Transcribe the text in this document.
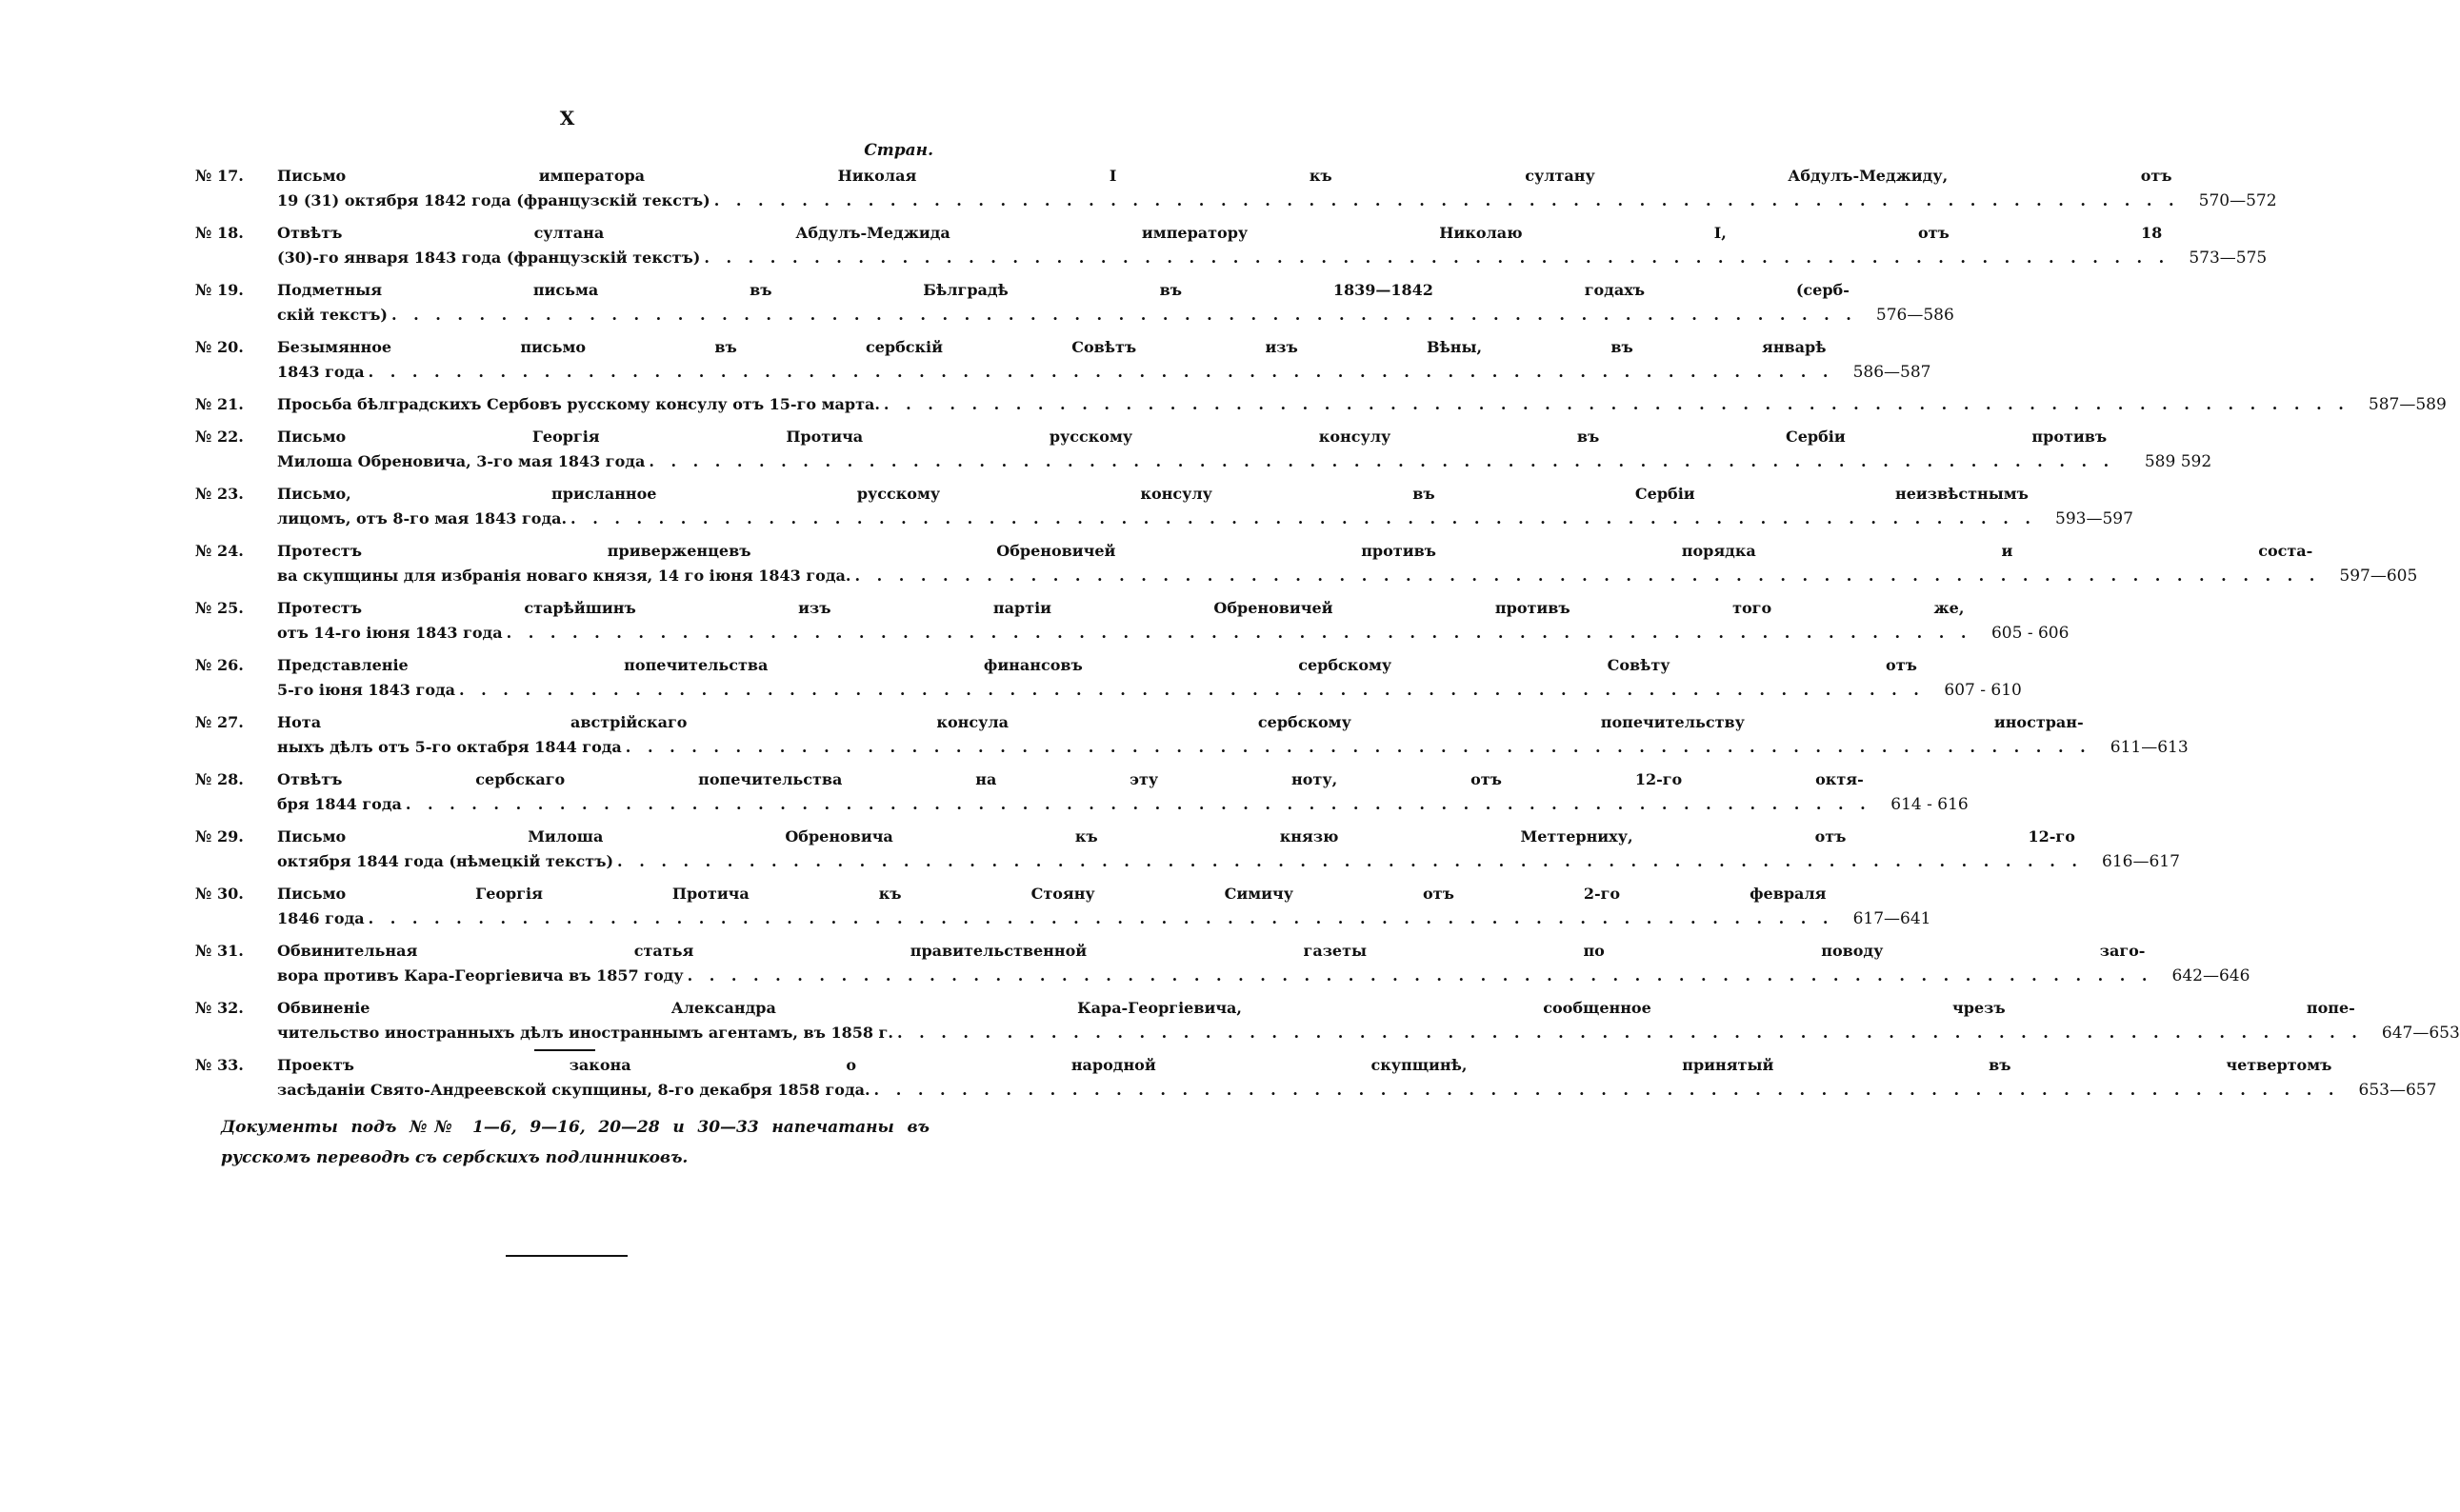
X
Стран.
№ 17.	Письмо императора Николая I къ султану Абдулъ-Меджиду, отъ
19 (31) октября 1842 года (французскій текстъ) . . .	570—572
№ 18.	Отвѣтъ султана Абдулъ-Меджида императору Николаю I, отъ 18
(30)-го января 1843 года (французскій текстъ) . . .	573—575
№ 19.	Подметныя письма въ Бѣлградѣ въ 1839—1842 годахъ (серб-
скій текстъ) . . .	576—586
№ 20.	Безымянное письмо въ сербскій Совѣтъ изъ Вѣны, въ январѣ
1843 года . . .	586—587
№ 21.	Просьба бѣлградскихъ Сербовъ русскому консулу отъ 15-го марта. . . .	587—589
№ 22.	Письмо Георгія Протича русскому консулу въ Сербіи противъ
Милоша Обреновича, 3-го мая 1843 года . . .	589 592
№ 23.	Письмо, присланное русскому консулу въ Сербіи неизвѣстнымъ
лицомъ, отъ 8-го мая 1843 года. . . .	593—597
№ 24.	Протестъ приверженцевъ Обреновичей противъ порядка и соста-
ва скупщины для избранія новаго князя, 14 го іюня 1843 года. . . .	597—605
№ 25.	Протестъ старѣйшинъ изъ партіи Обреновичей противъ того же,
отъ 14-го іюня 1843 года . . .	605 - 606
№ 26.	Представленіе попечительства финансовъ сербскому Совѣту отъ
5-го іюня 1843 года . . .	607 - 610
№ 27.	Нота австрійскаго консула сербскому попечительству иностран-
ныхъ дѣлъ отъ 5-го октабря 1844 года . . .	611—613
№ 28.	Отвѣтъ сербскаго попечительства на эту ноту, отъ 12-го октя-
бря 1844 года . . .	614 - 616
№ 29.	Письмо Милоша Обреновича къ князю Меттерниху, отъ 12-го
октября 1844 года (нѣмецкій текстъ) . . .	616—617
№ 30.	Письмо Георгія Протича къ Стояну Симичу отъ 2-го февраля
1846 года . . .	617—641
№ 31.	Обвинительная статья правительственной газеты по поводу заго-
вора противъ Кара-Георгіевича въ 1857 году . . .	642—646
№ 32.	Обвиненіе Александра Кара-Георгіевича, сообщенное чрезъ попе-
чительство иностранныхъ дѣлъ иностраннымъ агентамъ, въ 1858 г. . . .	647—653
№ 33.	Проектъ закона о народной скупщинѣ, принятый въ четвертомъ
засѣданіи Свято-Андреевской скупщины, 8-го декабря 1858 года. . . .	653—657
Документы подъ №№ 1—6, 9—16, 20—28 и 30—33 напечатаны въ русскомъ переводѣ съ сербскихъ подлинниковъ.
